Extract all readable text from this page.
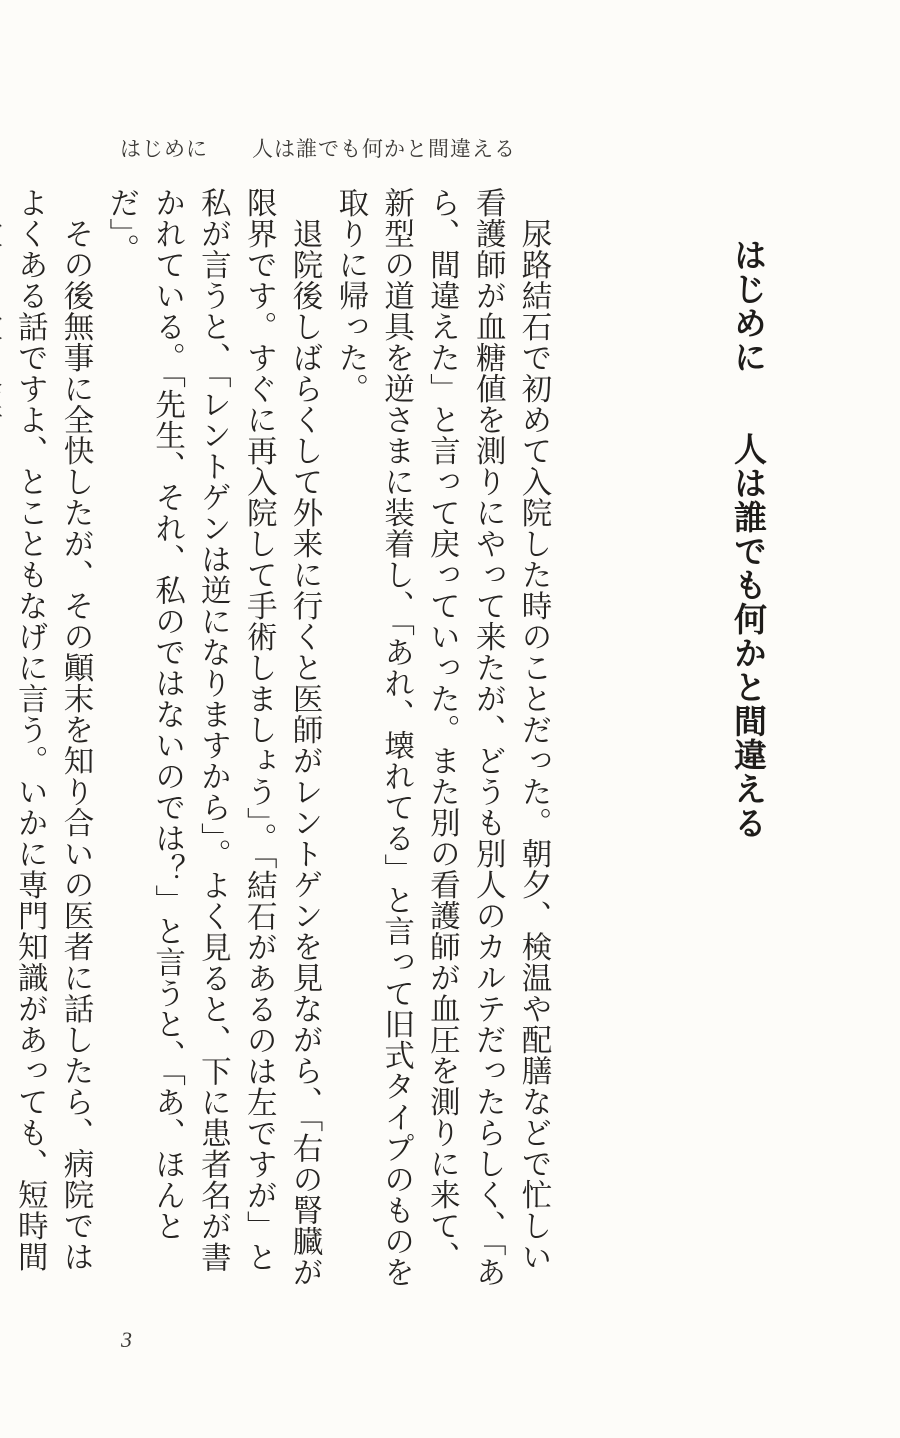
はじめに 人は誰でも何かと間違える
はじめに人は誰でも何かと間違える

尿路結石で初めて入院した時のことだった。朝夕、検温や配膳などで忙しい看護師が血糖値を測りにやって来たが、どうも別人のカルテだったらしく、「あら、間違えた」と言って戻っていった。また別の看護師が血圧を測りに来て、新型の道具を逆さまに装着し、「あれ、壊れてる」と言って旧式タイプのものを取りに帰った。

退院後しばらくして外来に行くと医師がレントゲンを見ながら、「右の腎臓が限界です。すぐに再入院して手術しましょう」。「結石があるのは左ですが」と私が言うと、「レントゲンは逆になりますから」。よく見ると、下に患者名が書かれている。「先生、それ、私のではないのでは？」と言うと、「あ、ほんとだ」。

その後無事に全快したが、その顚末を知り合いの医者に話したら、病院ではよくある話ですよ、とこともなげに言う。いかに専門知識があっても、短時間

3
